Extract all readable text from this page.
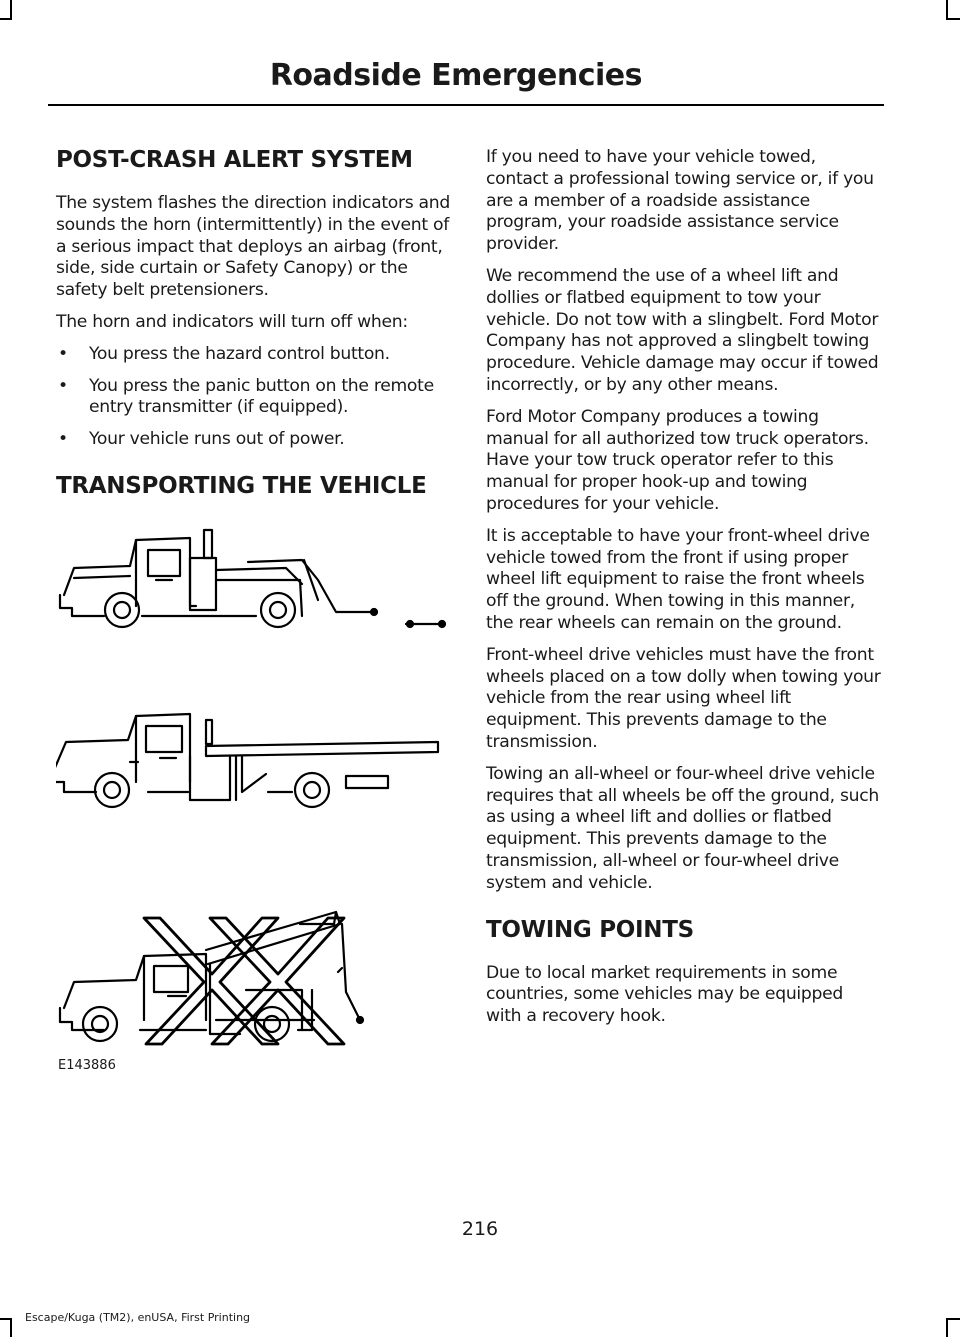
Roadside Emergencies
POST-CRASH ALERT SYSTEM

The system flashes the direction indicators and sounds the horn (intermittently) in the event of a serious impact that deploys an airbag (front, side, side curtain or Safety Canopy) or the safety belt pretensioners.

The horn and indicators will turn off when:

• You press the hazard control button.
• You press the panic button on the remote entry transmitter (if equipped).
• Your vehicle runs out of power.
TRANSPORTING THE VEHICLE
E143886

If you need to have your vehicle towed, contact a professional towing service or, if you are a member of a roadside assistance program, your roadside assistance service provider.

We recommend the use of a wheel lift and dollies or flatbed equipment to tow your vehicle. Do not tow with a slingbelt. Ford Motor Company has not approved a slingbelt towing procedure. Vehicle damage may occur if towed incorrectly, or by any other means.

Ford Motor Company produces a towing manual for all authorized tow truck operators. Have your tow truck operator refer to this manual for proper hook-up and towing procedures for your vehicle.

It is acceptable to have your front-wheel drive vehicle towed from the front if using proper wheel lift equipment to raise the front wheels off the ground. When towing in this manner, the rear wheels can remain on the ground.

Front-wheel drive vehicles must have the front wheels placed on a tow dolly when towing your vehicle from the rear using wheel lift equipment. This prevents damage to the transmission.

Towing an all-wheel or four-wheel drive vehicle requires that all wheels be off the ground, such as using a wheel lift and dollies or flatbed equipment. This prevents damage to the transmission, all-wheel or four-wheel drive system and vehicle.

TOWING POINTS

Due to local market requirements in some countries, some vehicles may be equipped with a recovery hook.

216
Escape/Kuga (TM2), enUSA, First Printing
